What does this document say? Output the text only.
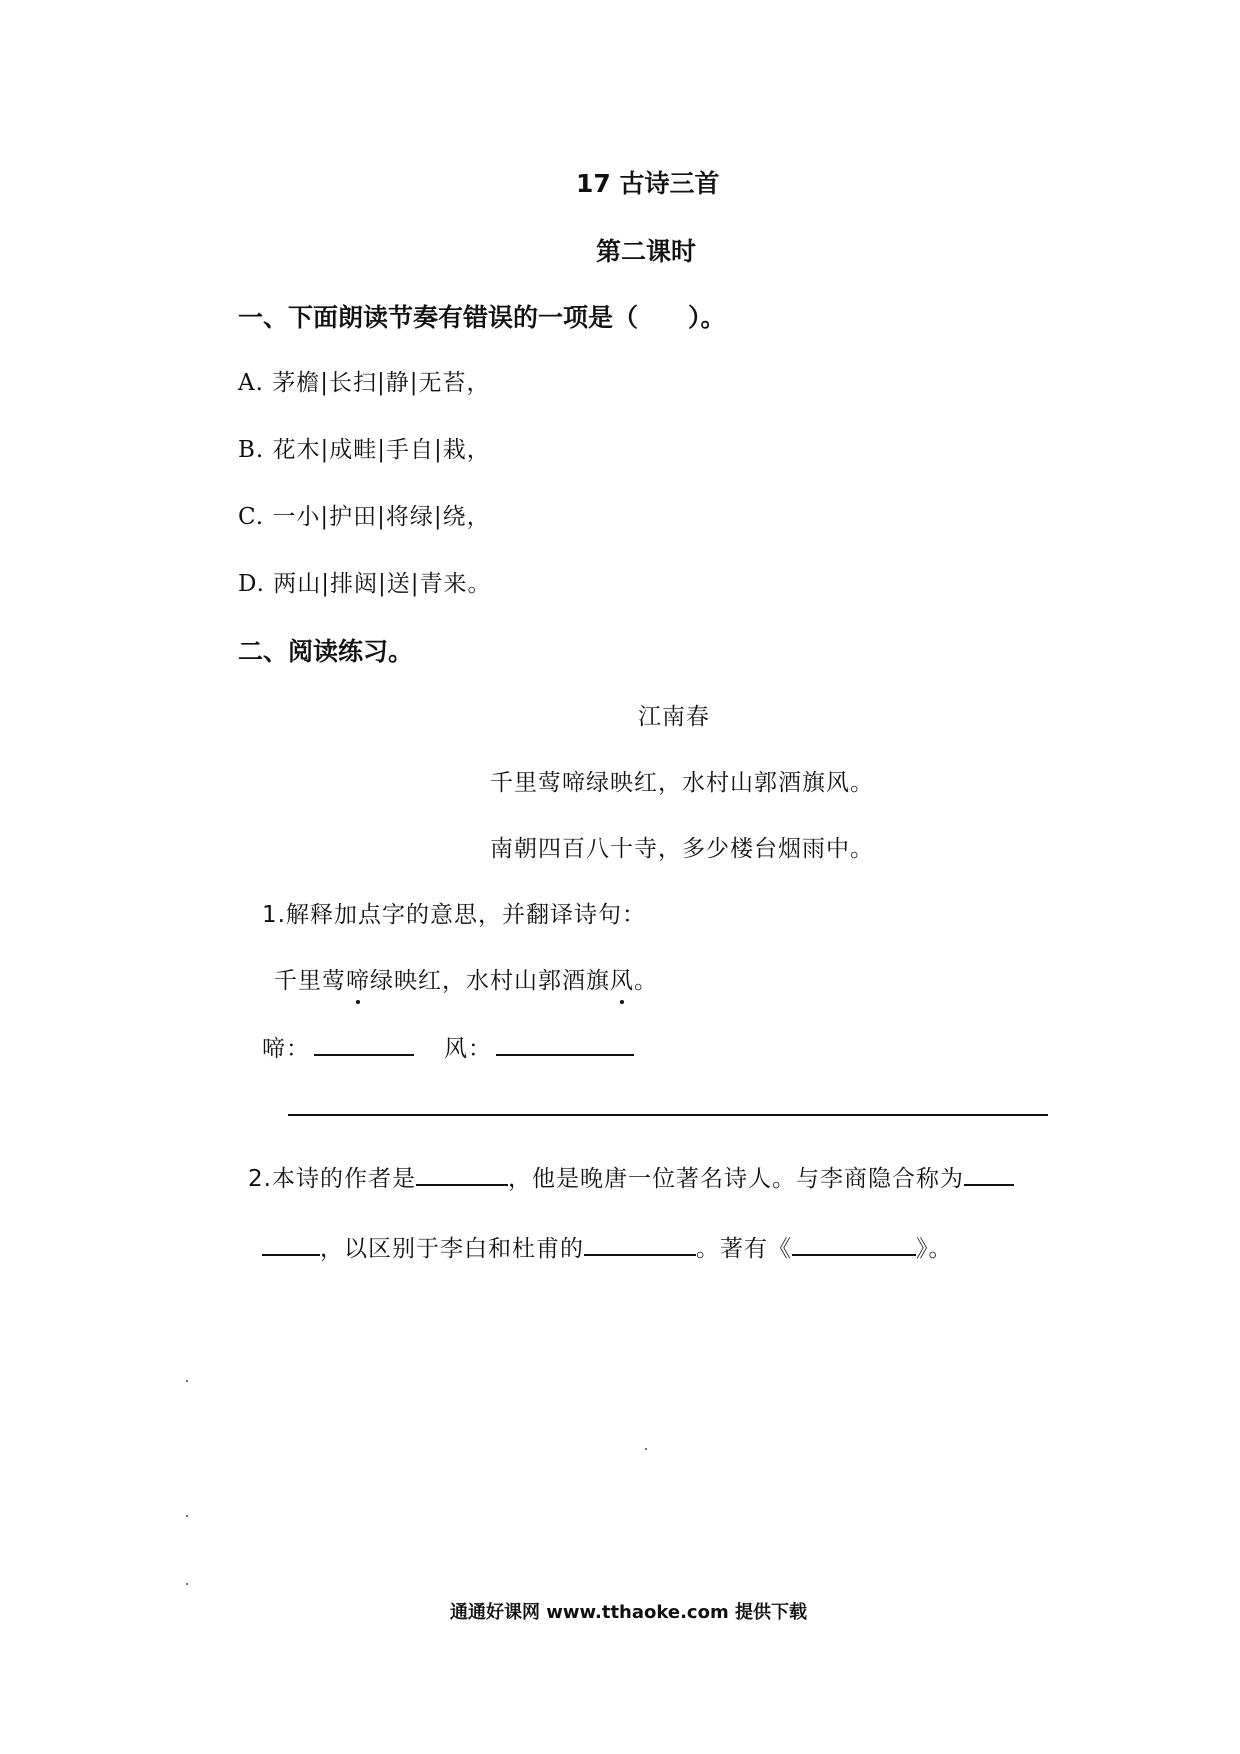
17 古诗三首
第二课时
一、下面朗读节奏有错误的一项是（　　）。
A. 茅檐|长扫|静|无苔，
B. 花木|成畦|手自|栽，
C. 一小|护田|将绿|绕，
D. 两山|排闼|送|青来。
二、阅读练习。
江南春
千里莺啼绿映红，水村山郭酒旗风。
南朝四百八十寺，多少楼台烟雨中。
1.解释加点字的意思，并翻译诗句：
千里莺啼绿映红，水村山郭酒旗风。
啼：	风：
2.本诗的作者是	，他是晚唐一位著名诗人。与李商隐合称为
，以区别于李白和杜甫的	。著有《	》。
通通好课网 www.tthaoke.com 提供下载
